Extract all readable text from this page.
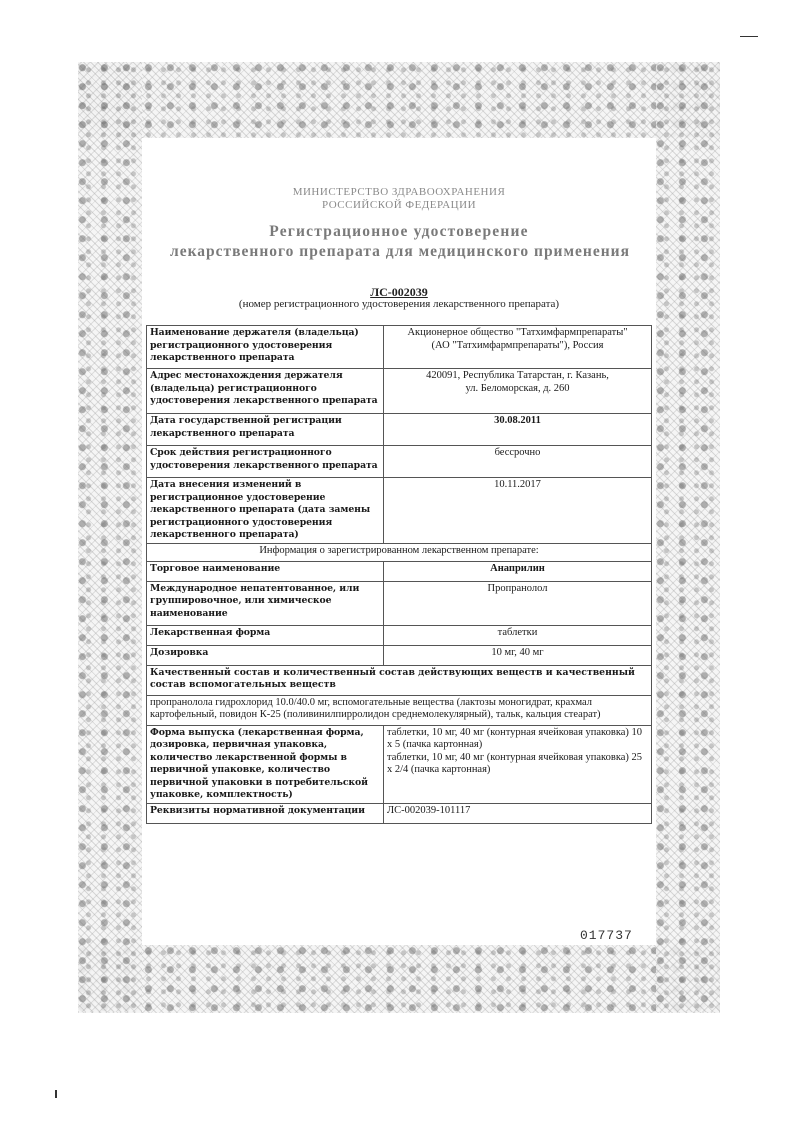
МИНИСТЕРСТВО ЗДРАВООХРАНЕНИЯ
РОССИЙСКОЙ ФЕДЕРАЦИИ
Регистрационное удостоверение
лекарственного препарата для медицинского применения
ЛС-002039
(номер регистрационного удостоверения лекарственного препарата)
Наименование держателя (владельца) регистрационного удостоверения лекарственного препарата	Акционерное общество "Татхимфармпрепараты"
(АО "Татхимфармпрепараты"), Россия

Адрес местонахождения держателя (владельца) регистрационного удостоверения лекарственного препарата	420091, Республика Татарстан, г. Казань,
ул. Беломорская, д. 260

Дата государственной регистрации лекарственного препарата	30.08.2011
Срок действия регистрационного удостоверения лекарственного препарата	бессрочно
Дата внесения изменений в регистрационное удостоверение лекарственного препарата (дата замены регистрационного удостоверения лекарственного препарата)	10.11.2017
Информация о зарегистрированном лекарственном препарате:	
Торговое наименование	Анаприлин
Международное непатентованное, или группировочное, или химическое наименование	Пропранолол
Лекарственная форма	таблетки
Дозировка	10 мг, 40 мг
Качественный состав и количественный состав действующих веществ и качественный состав вспомогательных веществ	
пропранолола гидрохлорид 10.0/40.0 мг, вспомогательные вещества (лактозы моногидрат, крахмал картофельный, повидон К-25 (поливинилпирролидон среднемолекулярный), тальк, кальция стеарат)	
Форма выпуска (лекарственная форма, дозировка, первичная упаковка, количество лекарственной формы в первичной упаковке, количество первичной упаковки в потребительской упаковке, комплектность)	таблетки, 10 мг, 40 мг (контурная ячейковая упаковка) 10 x 5 (пачка картонная)
таблетки, 10 мг, 40 мг (контурная ячейковая упаковка) 25 x 2/4 (пачка картонная)

Реквизиты нормативной документации	ЛС-002039-101117
017737
